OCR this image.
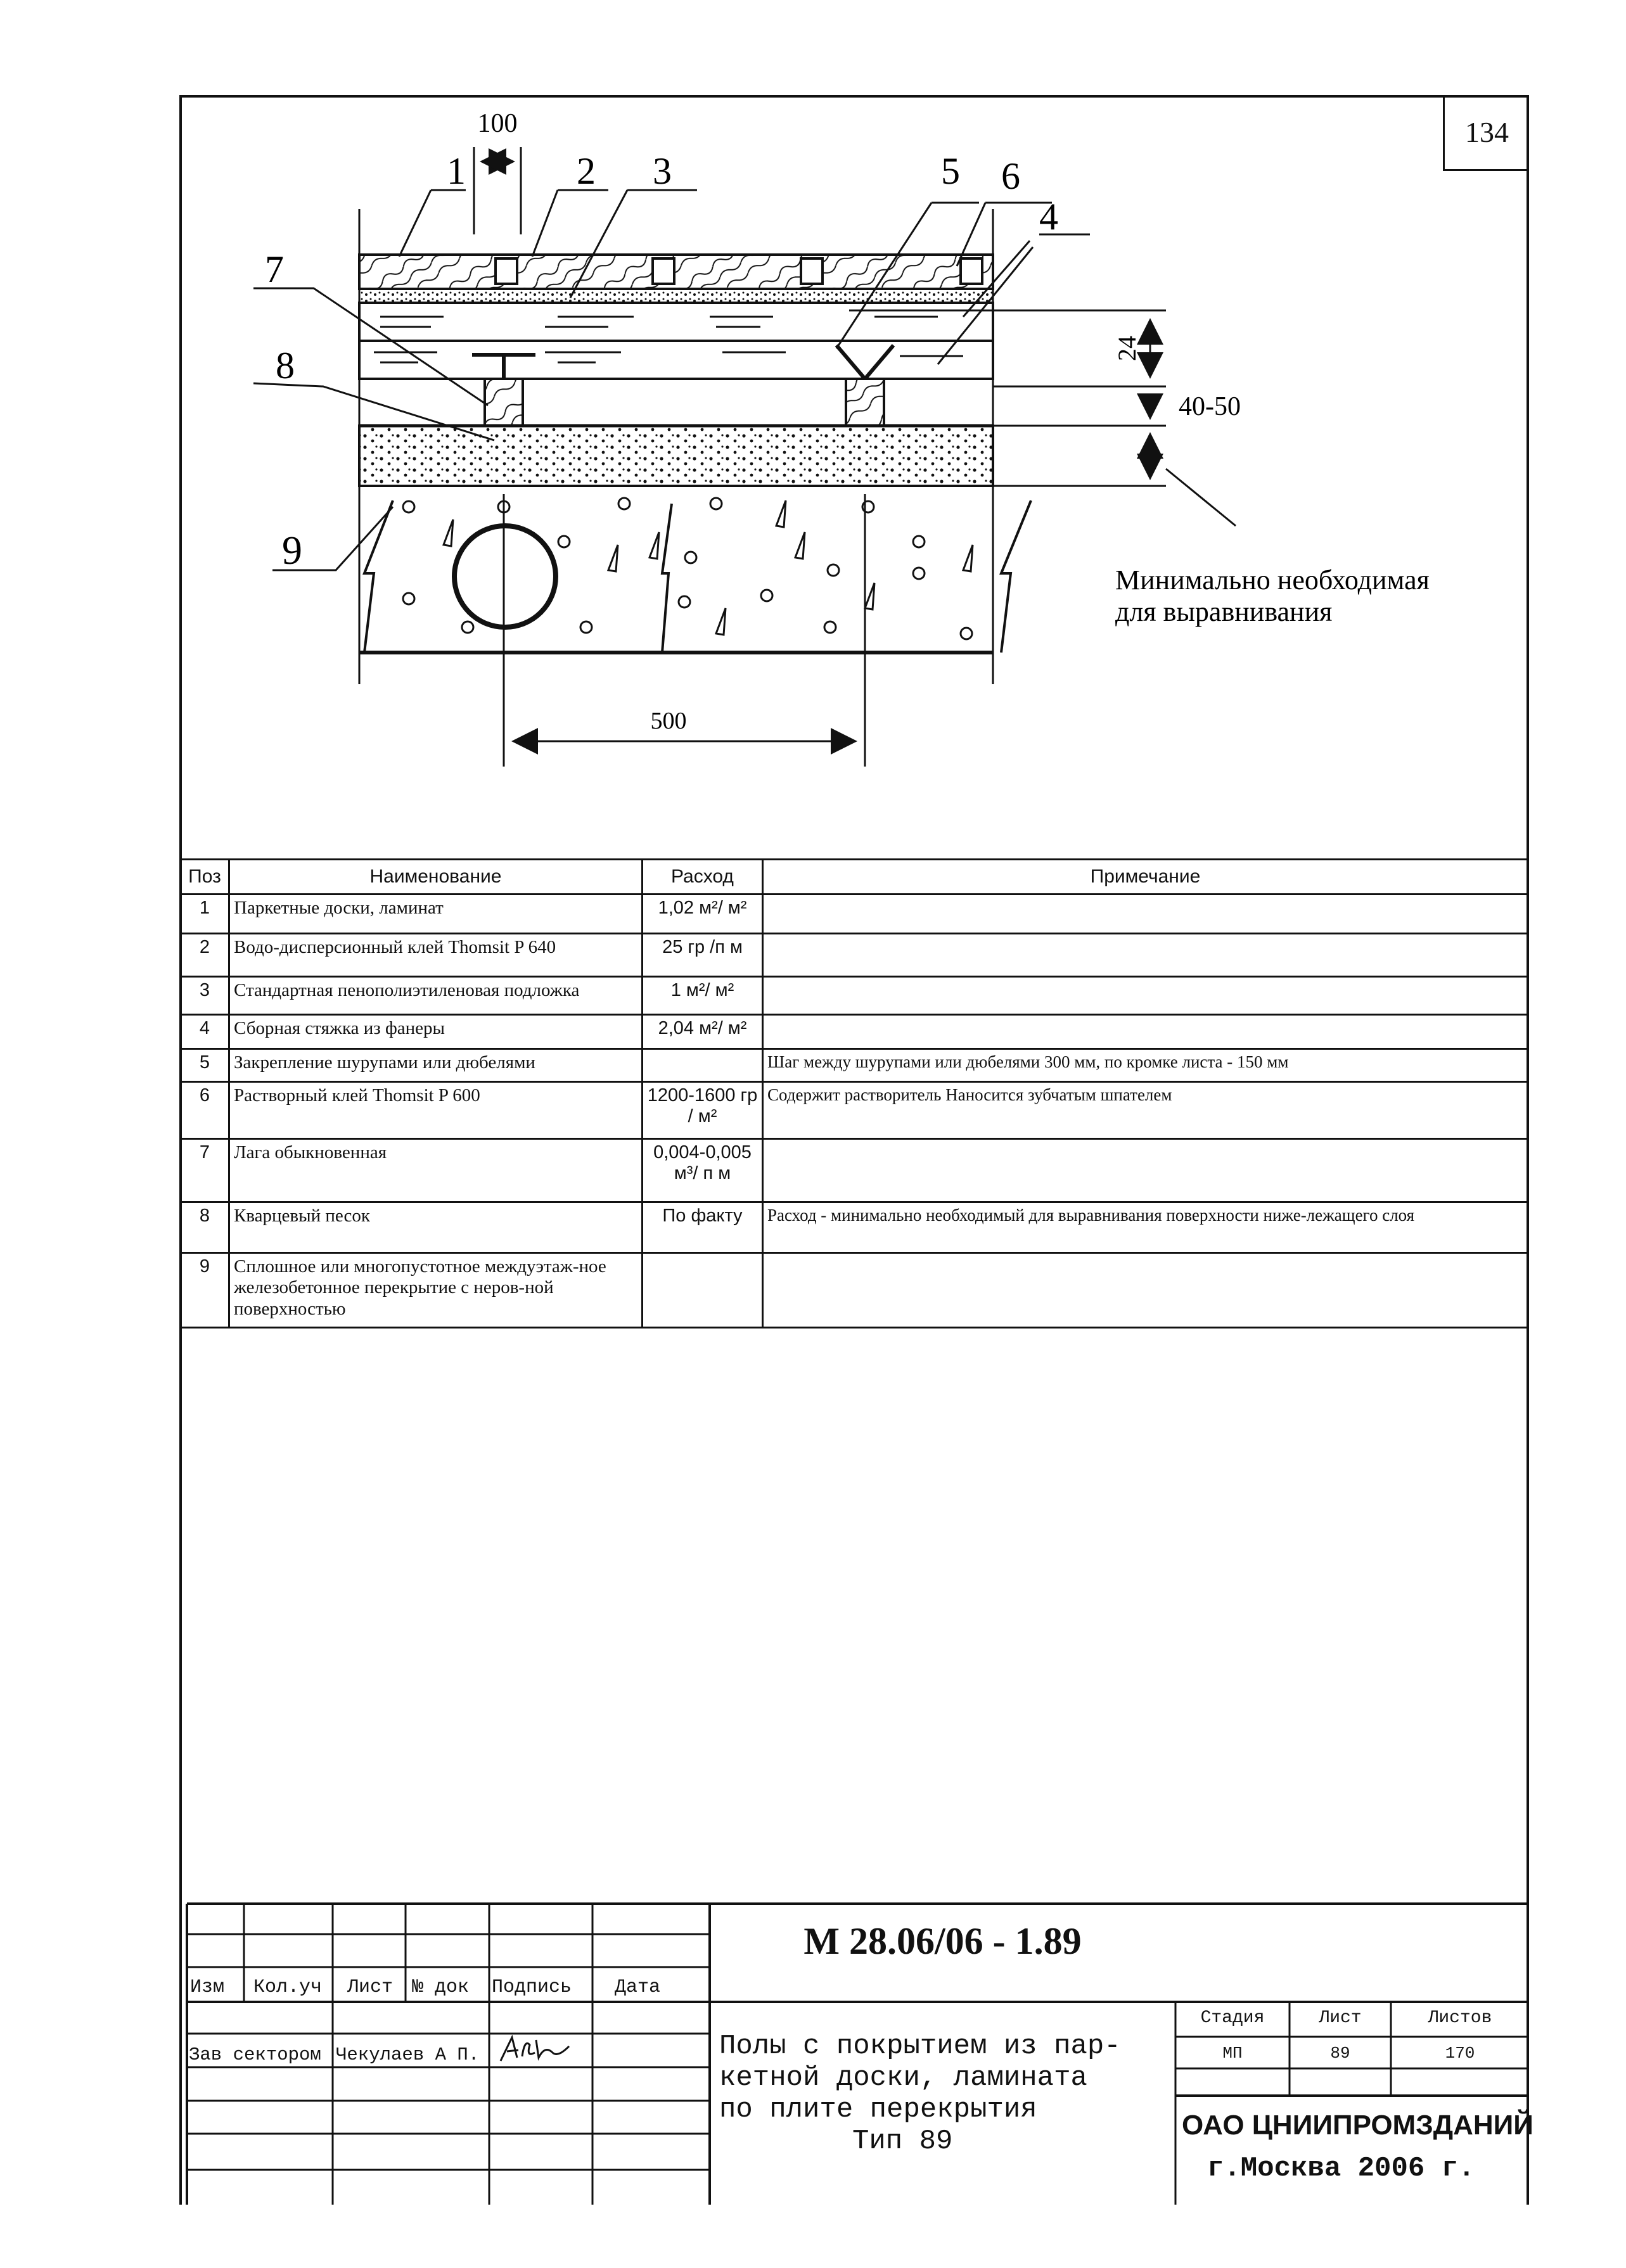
134
100
500
24
40-50
Минимально необходимая
для выравнивания
1	2 3	5 6
4
7
8
9
Поз	Наименование	Расход	Примечание
1	Паркетные доски, ламинат	1,02 м²/ м²	
2	Водо-дисперсионный клей Thomsit P 640	25 гр /п м	
3	Стандартная пенополиэтиленовая подложка	1 м²/ м²	
4	Сборная стяжка из фанеры	2,04 м²/ м²	
5	Закрепление шурупами или дюбелями		Шаг между шурупами или дюбелями 300 мм, по кромке листа - 150 мм
6	Растворный клей Thomsit P 600	1200-1600 гр / м²	Содержит растворитель Наносится зубчатым шпателем
7	Лага обыкновенная	0,004-0,005 м³/ п м	
8	Кварцевый песок	По факту	Расход - минимально необходимый для выравнивания поверхности ниже-лежащего слоя
9	Сплошное или многопустотное междуэтаж-ное железобетонное перекрытие с неров-ной поверхностью		
М 28.06/06 - 1.89
Изм Кол.уч Лист № док Подпись Дата
Зав сектором Чекулаев А П.	Полы с покрытием из пар-
кетной доски, ламината
по плите перекрытия
Тип 89
Стадия	Лист	Листов
МП	89	170
ОАО ЦНИИПРОМЗДАНИЙ
г.Москва 2006 г.
